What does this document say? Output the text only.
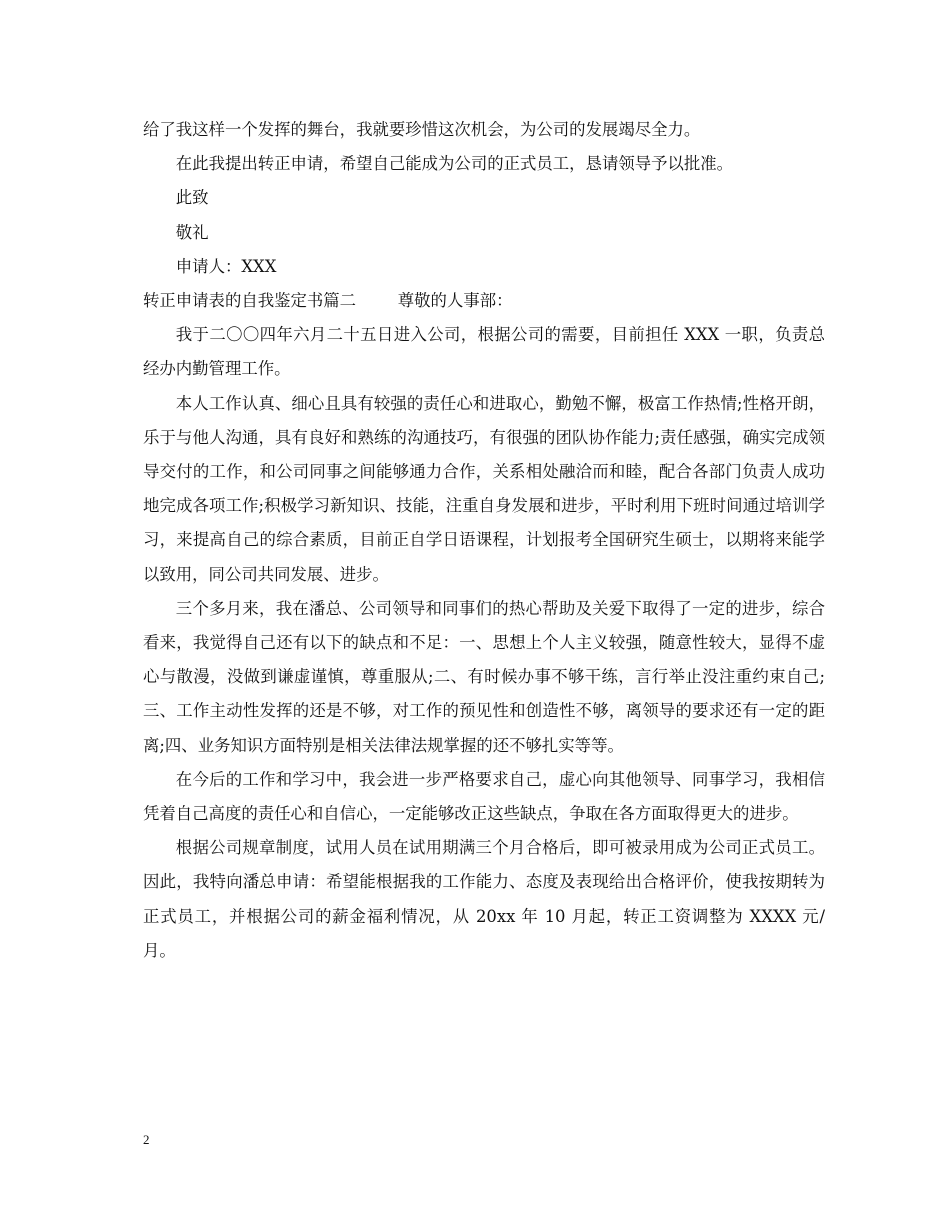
给了我这样一个发挥的舞台，我就要珍惜这次机会，为公司的发展竭尽全力。

在此我提出转正申请，希望自己能成为公司的正式员工，恳请领导予以批准。

此致

敬礼

申请人：XXX

转正申请表的自我鉴定书篇二	尊敬的人事部：

我于二〇〇四年六月二十五日进入公司，根据公司的需要，目前担任 XXX 一职，负责总经办内勤管理工作。

本人工作认真、细心且具有较强的责任心和进取心，勤勉不懈，极富工作热情;性格开朗，乐于与他人沟通，具有良好和熟练的沟通技巧，有很强的团队协作能力;责任感强，确实完成领导交付的工作，和公司同事之间能够通力合作，关系相处融洽而和睦，配合各部门负责人成功地完成各项工作;积极学习新知识、技能，注重自身发展和进步，平时利用下班时间通过培训学习，来提高自己的综合素质，目前正自学日语课程，计划报考全国研究生硕士，以期将来能学以致用，同公司共同发展、进步。

三个多月来，我在潘总、公司领导和同事们的热心帮助及关爱下取得了一定的进步，综合看来，我觉得自己还有以下的缺点和不足：一、思想上个人主义较强，随意性较大，显得不虚心与散漫，没做到谦虚谨慎，尊重服从;二、有时候办事不够干练，言行举止没注重约束自己;三、工作主动性发挥的还是不够，对工作的预见性和创造性不够，离领导的要求还有一定的距离;四、业务知识方面特别是相关法律法规掌握的还不够扎实等等。

在今后的工作和学习中，我会进一步严格要求自己，虚心向其他领导、同事学习，我相信凭着自己高度的责任心和自信心，一定能够改正这些缺点，争取在各方面取得更大的进步。

根据公司规章制度，试用人员在试用期满三个月合格后，即可被录用成为公司正式员工。因此，我特向潘总申请：希望能根据我的工作能力、态度及表现给出合格评价，使我按期转为正式员工，并根据公司的薪金福利情况，从 20xx 年 10 月起，转正工资调整为 XXXX 元/月。

2
